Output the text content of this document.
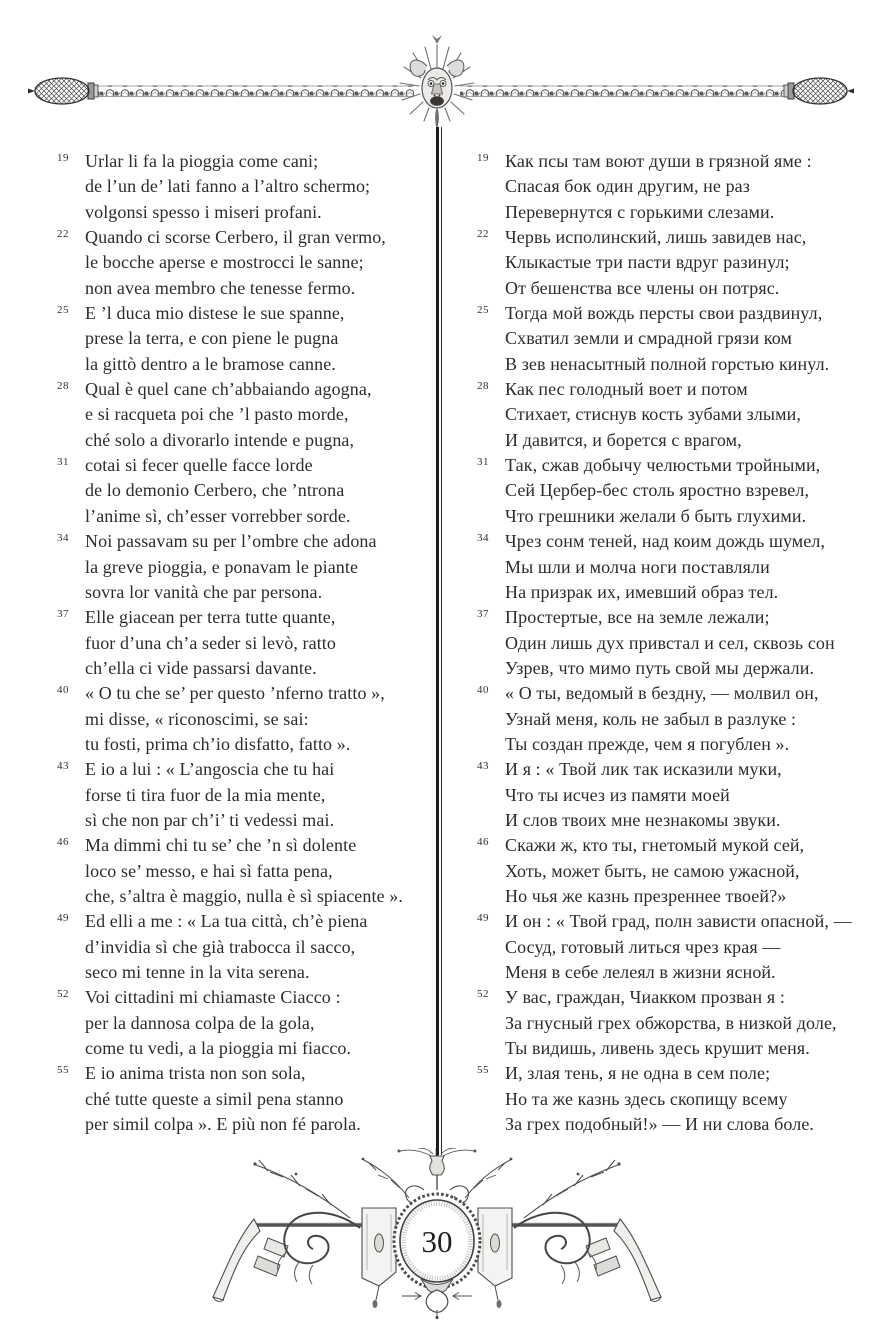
19 Urlar li fa la pioggia come cani;
de l’un de’ lati fanno a l’altro schermo;
volgonsi spesso i miseri profani.
22 Quando ci scorse Cerbero, il gran vermo,
le bocche aperse e mostrocci le sanne;
non avea membro che tenesse fermo.
25 E ’l duca mio distese le sue spanne,
prese la terra, e con piene le pugna
la gittò dentro a le bramose canne.
28 Qual è quel cane ch’abbaiando agogna,
e si racqueta poi che ’l pasto morde,
ché solo a divorarlo intende e pugna,
31 cotai si fecer quelle facce lorde
de lo demonio Cerbero, che ’ntrona
l’anime sì, ch’esser vorrebber sorde.
34 Noi passavam su per l’ombre che adona
la greve pioggia, e ponavam le piante
sovra lor vanità che par persona.
37 Elle giacean per terra tutte quante,
fuor d’una ch’a seder si levò, ratto
ch’ella ci vide passarsi davante.
40 « O tu che se’ per questo ’nferno tratto »,
mi disse, « riconoscimi, se sai:
tu fosti, prima ch’io disfatto, fatto ».
43 E io a lui : « L’angoscia che tu hai
forse ti tira fuor de la mia mente,
sì che non par ch’i’ ti vedessi mai.
46 Ma dimmi chi tu se’ che ’n sì dolente
loco se’ messo, e hai sì fatta pena,
che, s’altra è maggio, nulla è sì spiacente ».
49 Ed elli a me : « La tua città, ch’è piena
d’invidia sì che già trabocca il sacco,
seco mi tenne in la vita serena.
52 Voi cittadini mi chiamaste Ciacco :
per la dannosa colpa de la gola,
come tu vedi, a la pioggia mi fiacco.
55 E io anima trista non son sola,
ché tutte queste a simil pena stanno
per simil colpa ». E più non fé parola.
19 Как псы там воют души в грязной яме :
Спасая бок один другим, не раз
Перевернутся с горькими слезами.
22 Червь исполинский, лишь завидев нас,
Клыкастые три пасти вдруг разинул;
От бешенства все члены он потряс.
25 Тогда мой вождь персты свои раздвинул,
Схватил земли и смрадной грязи ком
В зев ненасытный полной горстью кинул.
28 Как пес голодный воет и потом
Стихает, стиснув кость зубами злыми,
И давится, и борется с врагом,
31 Так, сжав добычу челюстьми тройными,
Сей Цербер-бес столь яростно взревел,
Что грешники желали б быть глухими.
34 Чрез сонм теней, над коим дождь шумел,
Мы шли и молча ноги поставляли
На призрак их, имевший образ тел.
37 Простертые, все на земле лежали;
Один лишь дух привстал и сел, сквозь сон
Узрев, что мимо путь свой мы держали.
40 « О ты, ведомый в бездну, — молвил он,
Узнай меня, коль не забыл в разлуке :
Ты создан прежде, чем я погублен ».
43 И я : « Твой лик так исказили муки,
Что ты исчез из памяти моей
И слов твоих мне незнакомы звуки.
46 Скажи ж, кто ты, гнетомый мукой сей,
Хоть, может быть, не самою ужасной,
Но чья же казнь презреннее твоей?»
49 И он : « Твой град, полн зависти опасной, —
Сосуд, готовый литься чрез края —
Меня в себе лелеял в жизни ясной.
52 У вас, граждан, Чиакком прозван я :
За гнусный грех обжорства, в низкой доле,
Ты видишь, ливень здесь крушит меня.
55 И, злая тень, я не одна в сем поле;
Но та же казнь здесь скопищу всему
За грех подобный!» — И ни слова боле.
30
